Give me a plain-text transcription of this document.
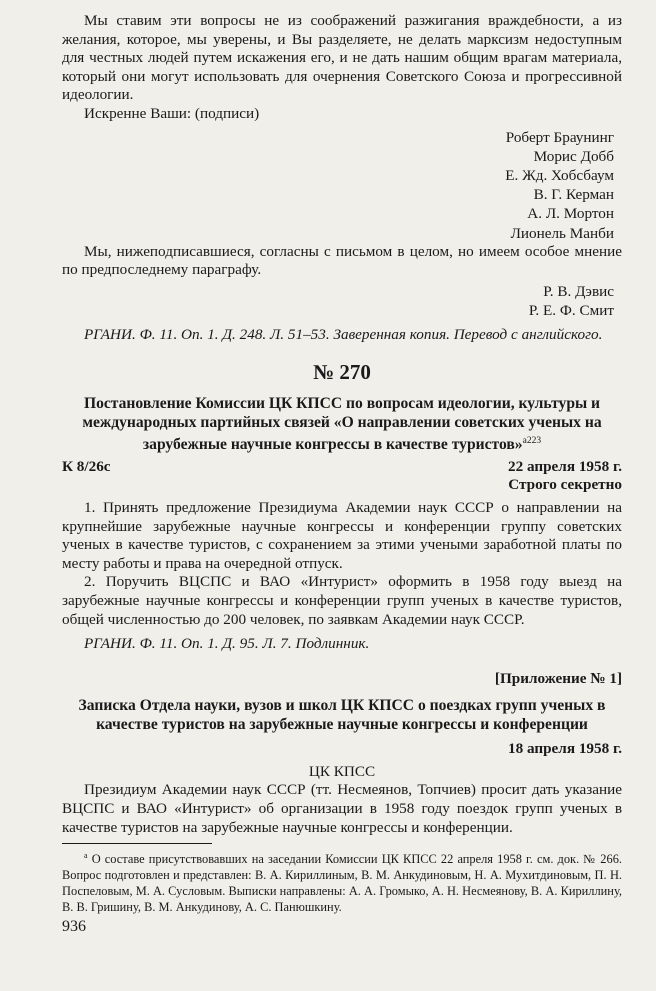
Мы ставим эти вопросы не из соображений разжигания враждебности, а из желания, которое, мы уверены, и Вы разделяете, не делать марксизм недоступным для честных людей путем искажения его, и не дать нашим общим врагам материала, который они могут использовать для очернения Советского Союза и прогрессивной идеологии.

Искренне Ваши: (подписи)

Роберт Браунинг
Морис Добб
Е. Жд. Хобсбаум
В. Г. Керман
А. Л. Мортон
Лионель Манби

Мы, нижеподписавшиеся, согласны с письмом в целом, но имеем особое мнение по предпоследнему параграфу.

Р. В. Дэвис
Р. Е. Ф. Смит

РГАНИ. Ф. 11. Оп. 1. Д. 248. Л. 51–53. Заверенная копия. Перевод с английского.

№ 270
Постановление Комиссии ЦК КПСС по вопросам идеологии, культуры и международных партийных связей «О направлении советских ученых на зарубежные научные конгрессы в качестве туристов»$^{а223}$
К 8/26с	22 апреля 1958 г.
Строго секретно

1. Принять предложение Президиума Академии наук СССР о направлении на крупнейшие зарубежные научные конгрессы и конференции группу советских ученых в качестве туристов, с сохранением за этими учеными заработной платы по месту работы и права на очередной отпуск.

2. Поручить ВЦСПС и ВАО «Интурист» оформить в 1958 году выезд на зарубежные научные конгрессы и конференции групп ученых в качестве туристов, общей численностью до 200 человек, по заявкам Академии наук СССР.

РГАНИ. Ф. 11. Оп. 1. Д. 95. Л. 7. Подлинник.

[Приложение № 1]
Записка Отдела науки, вузов и школ ЦК КПСС о поездках групп ученых в качестве туристов на зарубежные научные конгрессы и конференции
18 апреля 1958 г.
ЦК КПСС

Президиум Академии наук СССР (тт. Несмеянов, Топчиев) просит дать указание ВЦСПС и ВАО «Интурист» об организации в 1958 году поездок групп ученых в качестве туристов на зарубежные научные конгрессы и конференции.

$^а$ О составе присутствовавших на заседании Комиссии ЦК КПСС 22 апреля 1958 г. см. док. № 266. Вопрос подготовлен и представлен: В. А. Кириллиным, В. М. Анкудиновым, Н. А. Мухитдиновым, П. Н. Поспеловым, М. А. Сусловым. Выписки направлены: А. А. Громыко, А. Н. Несмеянову, В. А. Кириллину, В. В. Гришину, В. М. Анкудинову, А. С. Панюшкину.

936
